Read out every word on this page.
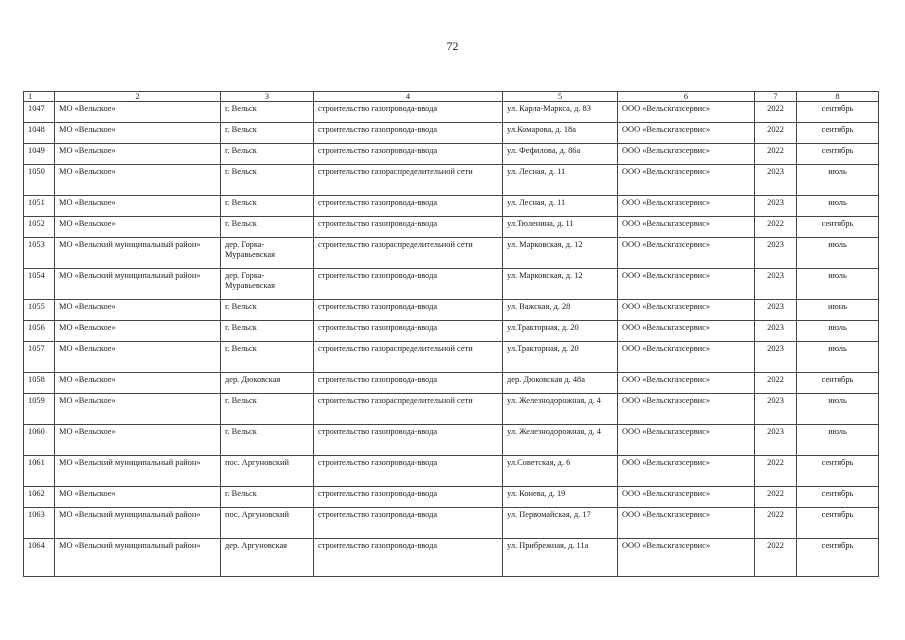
72
1	2	3	4	5	6	7	8
1047	МО «Вельское»	г. Вельск	строительство газопровода-ввода	ул. Карла-Маркса, д. 83	ООО «Вельскгазсервис»	2022	сентябрь
1048	МО «Вельское»	г. Вельск	строительство газопровода-ввода	ул.Комарова, д. 18а	ООО «Вельскгазсервис»	2022	сентябрь
1049	МО «Вельское»	г. Вельск	строительство газопровода-ввода	ул. Фефилова, д. 86а	ООО «Вельскгазсервис»	2022	сентябрь
1050	МО «Вельское»	г. Вельск	строительство газораспределительной сети	ул. Лесная, д. 11	ООО «Вельскгазсервис»	2023	июль
1051	МО «Вельское»	г. Вельск	строительство газопровода-ввода	ул. Лесная, д. 11	ООО «Вельскгазсервис»	2023	июль
1052	МО «Вельское»	г. Вельск	строительство газопровода-ввода	ул.Тюленина, д. 11	ООО «Вельскгазсервис»	2022	сентябрь
1053	МО «Вельский муниципальный район»	дер. Горка-Муравьевская	строительство газораспределительной сети	ул. Марковская, д. 12	ООО «Вельскгазсервис»	2023	июль
1054	МО «Вельский муниципальный район»	дер. Горка-Муравьевская	строительство газопровода-ввода	ул. Марковская, д. 12	ООО «Вельскгазсервис»	2023	июль
1055	МО «Вельское»	г. Вельск	строительство газопровода-ввода	ул. Важская, д. 28	ООО «Вельскгазсервис»	2023	июнь
1056	МО «Вельское»	г. Вельск	строительство газопровода-ввода	ул.Тракторная, д. 20	ООО «Вельскгазсервис»	2023	июль
1057	МО «Вельское»	г. Вельск	строительство газораспределительной сети	ул.Тракторная, д. 20	ООО «Вельскгазсервис»	2023	июль
1058	МО «Вельское»	дер. Дюковская	строительство газопровода-ввода	дер. Дюковская д. 48а	ООО «Вельскгазсервис»	2022	сентябрь
1059	МО «Вельское»	г. Вельск	строительство газораспределительной сети	ул. Железнодорожная, д. 4	ООО «Вельскгазсервис»	2023	июль
1060	МО «Вельское»	г. Вельск	строительство газопровода-ввода	ул. Железнодорожная, д. 4	ООО «Вельскгазсервис»	2023	июль
1061	МО «Вельский муниципальный район»	пос. Аргуновский	строительство газопровода-ввода	ул.Советская, д. 6	ООО «Вельскгазсервис»	2022	сентябрь
1062	МО «Вельское»	г. Вельск	строительство газопровода-ввода	ул. Конева, д. 19	ООО «Вельскгазсервис»	2022	сентябрь
1063	МО «Вельский муниципальный район»	пос. Аргуновский	строительство газопровода-ввода	ул. Первомайская, д. 17	ООО «Вельскгазсервис»	2022	сентябрь
1064	МО «Вельский муниципальный район»	дер. Аргуновская	строительство газопровода-ввода	ул. Прибрежная, д. 11а	ООО «Вельскгазсервис»	2022	сентябрь
